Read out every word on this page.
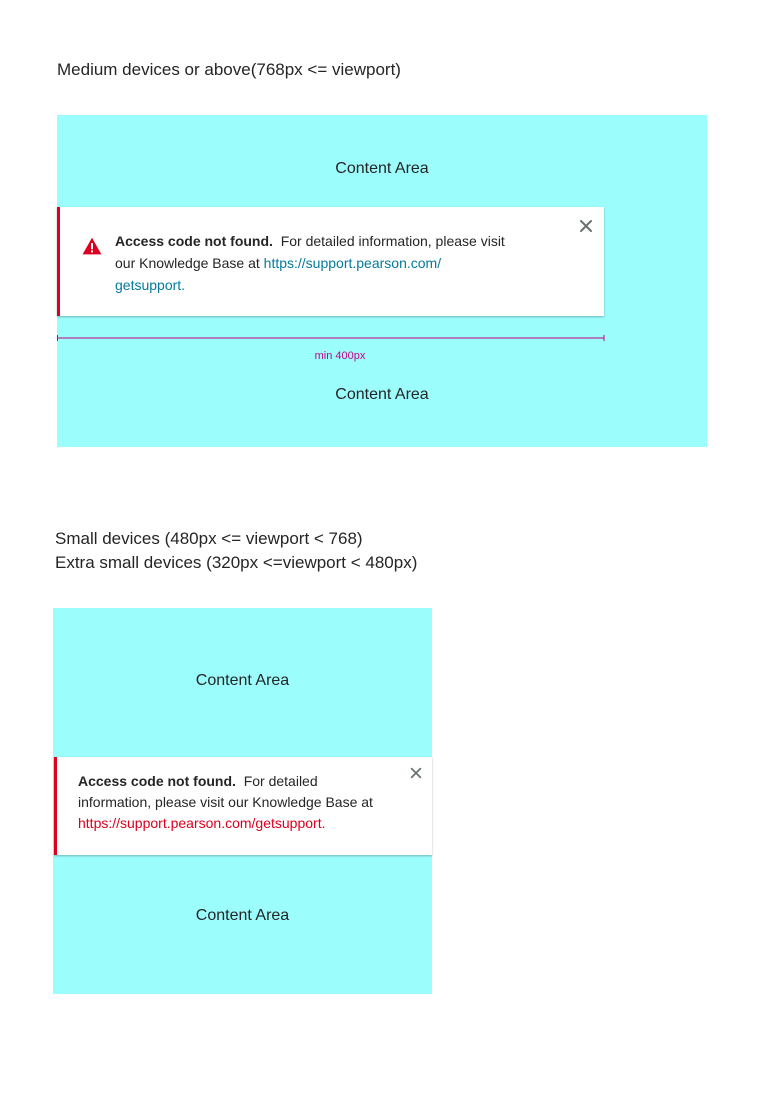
Medium devices or above(768px <= viewport)
Content Area
Content Area
Access code not found. For detailed information, please visit our Knowledge Base at https://support.pearson.com/
getsupport.
min 400px
Small devices (480px <= viewport < 768)
Extra small devices (320px <=viewport < 480px)
Content Area
Content Area
Access code not found. For detailed
information, please visit our Knowledge Base at
https://support.pearson.com/getsupport.
